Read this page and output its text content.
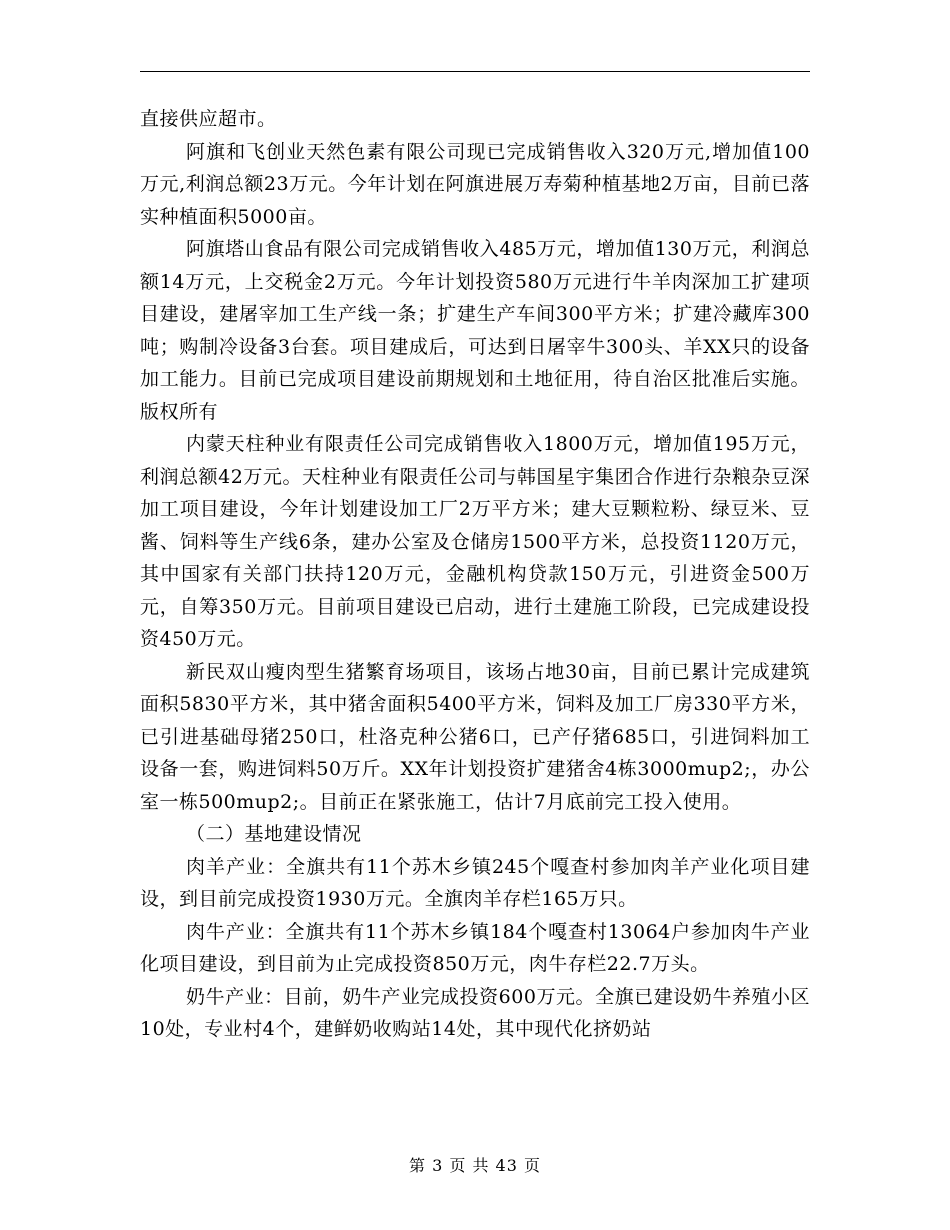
直接供应超市。

阿旗和飞创业天然色素有限公司现已完成销售收入320万元,增加值100万元,利润总额23万元。今年计划在阿旗进展万寿菊种植基地2万亩，目前已落实种植面积5000亩。

阿旗塔山食品有限公司完成销售收入485万元，增加值130万元，利润总额14万元，上交税金2万元。今年计划投资580万元进行牛羊肉深加工扩建项目建设，建屠宰加工生产线一条；扩建生产车间300平方米；扩建冷藏库300吨；购制冷设备3台套。项目建成后，可达到日屠宰牛300头、羊XX只的设备加工能力。目前已完成项目建设前期规划和土地征用，待自治区批准后实施。版权所有

内蒙天柱种业有限责任公司完成销售收入1800万元，增加值195万元，利润总额42万元。天柱种业有限责任公司与韩国星宇集团合作进行杂粮杂豆深加工项目建设，今年计划建设加工厂2万平方米；建大豆颗粒粉、绿豆米、豆酱、饲料等生产线6条，建办公室及仓储房1500平方米，总投资1120万元，其中国家有关部门扶持120万元，金融机构贷款150万元，引进资金500万元，自筹350万元。目前项目建设已启动，进行土建施工阶段，已完成建设投资450万元。

新民双山瘦肉型生猪繁育场项目，该场占地30亩，目前已累计完成建筑面积5830平方米，其中猪舍面积5400平方米，饲料及加工厂房330平方米，已引进基础母猪250口，杜洛克种公猪6口，已产仔猪685口，引进饲料加工设备一套，购进饲料50万斤。XX年计划投资扩建猪舍4栋3000mup2;，办公室一栋500mup2;。目前正在紧张施工，估计7月底前完工投入使用。

（二）基地建设情况

肉羊产业：全旗共有11个苏木乡镇245个嘎查村参加肉羊产业化项目建设，到目前完成投资1930万元。全旗肉羊存栏165万只。

肉牛产业：全旗共有11个苏木乡镇184个嘎查村13064户参加肉牛产业化项目建设，到目前为止完成投资850万元，肉牛存栏22.7万头。

奶牛产业：目前，奶牛产业完成投资600万元。全旗已建设奶牛养殖小区10处，专业村4个，建鲜奶收购站14处，其中现代化挤奶站

第 3 页 共 43 页
